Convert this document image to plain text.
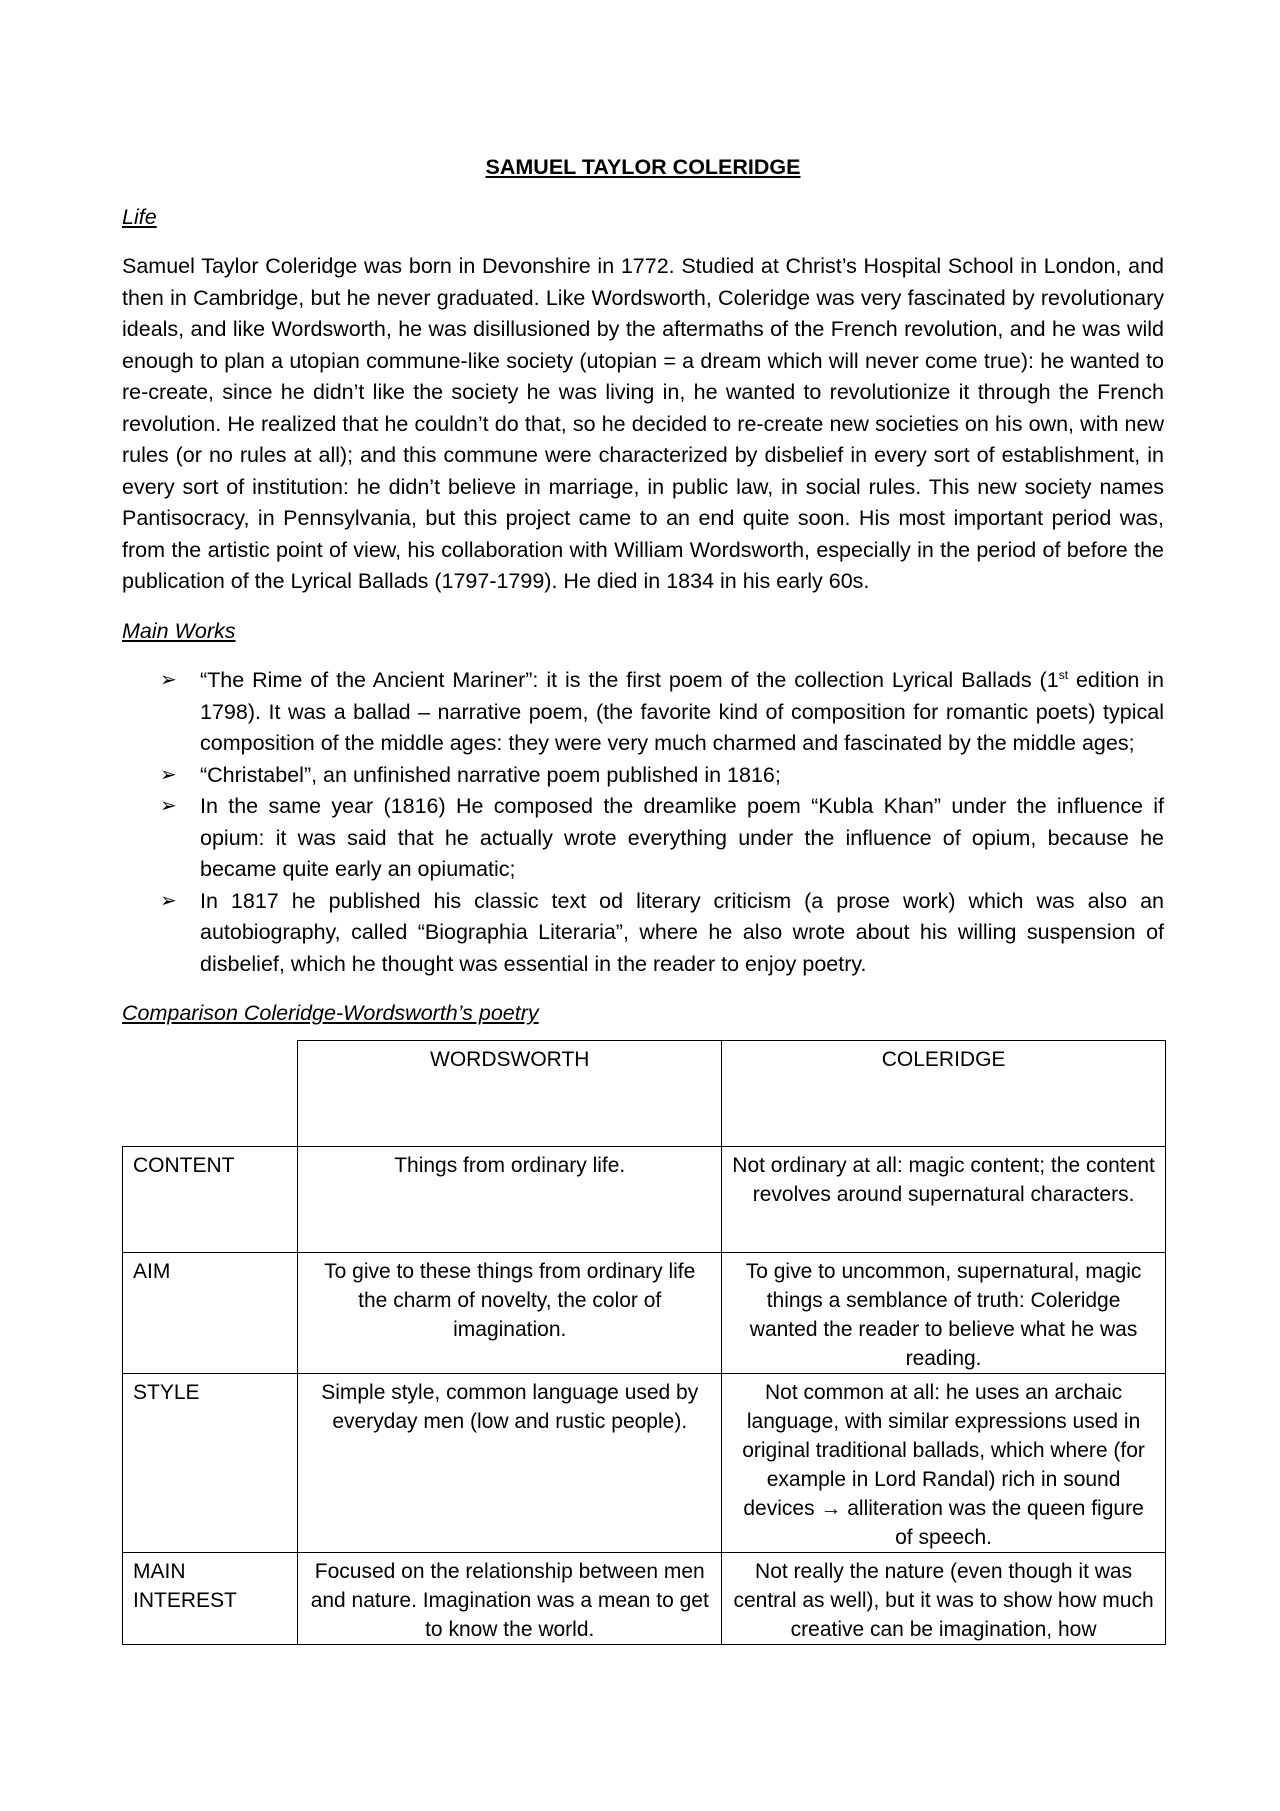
SAMUEL TAYLOR COLERIDGE
Life
Samuel Taylor Coleridge was born in Devonshire in 1772. Studied at Christ’s Hospital School in London, and then in Cambridge, but he never graduated. Like Wordsworth, Coleridge was very fascinated by revolutionary ideals, and like Wordsworth, he was disillusioned by the aftermaths of the French revolution, and he was wild enough to plan a utopian commune-like society (utopian = a dream which will never come true): he wanted to re-create, since he didn’t like the society he was living in, he wanted to revolutionize it through the French revolution. He realized that he couldn’t do that, so he decided to re-create new societies on his own, with new rules (or no rules at all); and this commune were characterized by disbelief in every sort of establishment, in every sort of institution: he didn’t believe in marriage, in public law, in social rules. This new society names Pantisocracy, in Pennsylvania, but this project came to an end quite soon. His most important period was, from the artistic point of view, his collaboration with William Wordsworth, especially in the period of before the publication of the Lyrical Ballads (1797-1799). He died in 1834 in his early 60s.
Main Works
➢ “The Rime of the Ancient Mariner”: it is the first poem of the collection Lyrical Ballads (1st edition in 1798). It was a ballad – narrative poem, (the favorite kind of composition for romantic poets) typical composition of the middle ages: they were very much charmed and fascinated by the middle ages;
➢ “Christabel”, an unfinished narrative poem published in 1816;
➢ In the same year (1816) He composed the dreamlike poem “Kubla Khan” under the influence if opium: it was said that he actually wrote everything under the influence of opium, because he became quite early an opiumatic;
➢ In 1817 he published his classic text od literary criticism (a prose work) which was also an autobiography, called “Biographia Literaria”, where he also wrote about his willing suspension of disbelief, which he thought was essential in the reader to enjoy poetry.
Comparison Coleridge-Wordsworth’s poetry
	WORDSWORTH	COLERIDGE
CONTENT	Things from ordinary life.	Not ordinary at all: magic content; the content revolves around supernatural characters.
AIM	To give to these things from ordinary life the charm of novelty, the color of imagination.	To give to uncommon, supernatural, magic things a semblance of truth: Coleridge wanted the reader to believe what he was reading.
STYLE	Simple style, common language used by everyday men (low and rustic people).	Not common at all: he uses an archaic language, with similar expressions used in original traditional ballads, which where (for example in Lord Randal) rich in sound devices → alliteration was the queen figure of speech.
MAIN INTEREST	Focused on the relationship between men and nature. Imagination was a mean to get to know the world.	Not really the nature (even though it was central as well), but it was to show how much creative can be imagination, how
